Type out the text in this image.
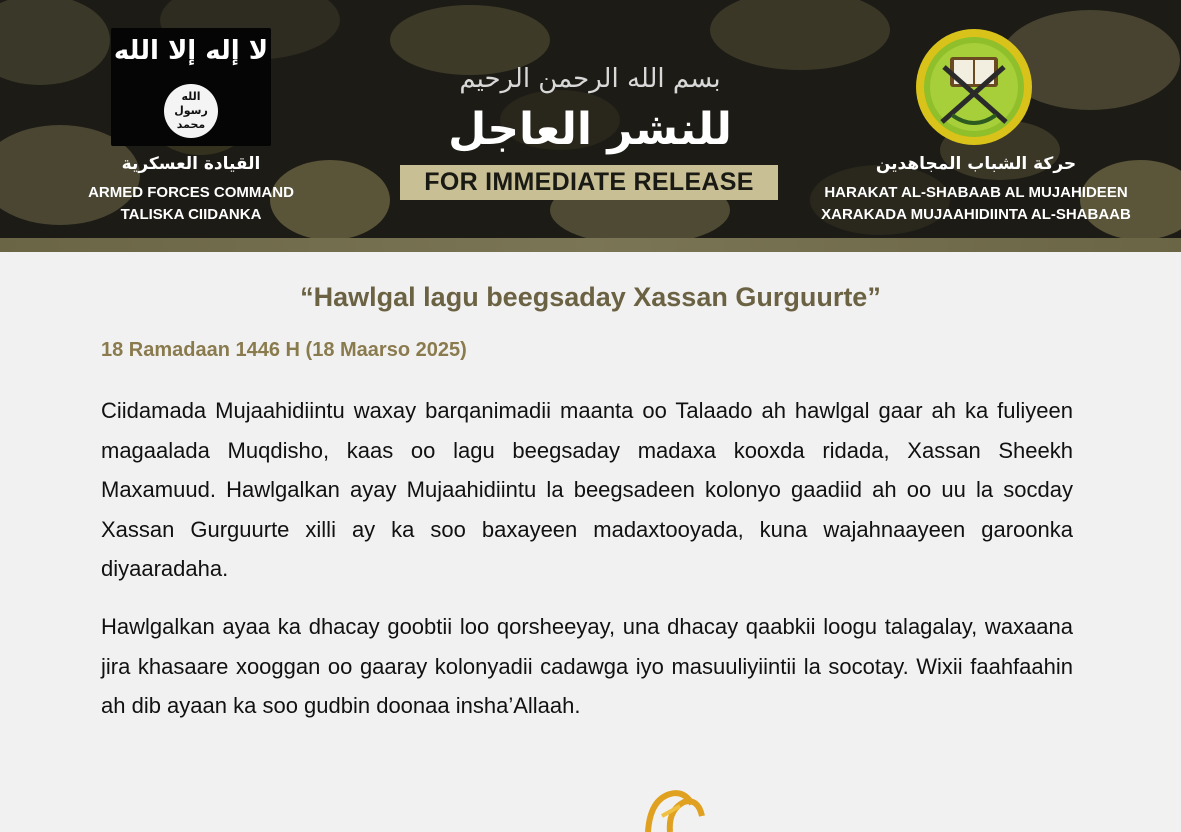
لا إله إلا الله
الله
رسول
محمد
القيادة العسكرية
ARMED FORCES COMMAND
TALISKA CIIDANKA
بسم الله الرحمن الرحيم
للنشر العاجل
FOR IMMEDIATE RELEASE
حركة الشباب المجاهدين
HARAKAT AL-SHABAAB AL MUJAHIDEEN
XARAKADA MUJAAHIDIINTA AL-SHABAAB
“Hawlgal lagu beegsaday Xassan Gurguurte”
18 Ramadaan 1446 H (18 Maarso 2025)
Ciidamada Mujaahidiintu waxay barqanimadii maanta oo Talaado ah hawlgal gaar ah ka fuliyeen magaalada Muqdisho, kaas oo lagu beegsaday madaxa kooxda ridada, Xassan Sheekh Maxamuud. Hawlgalkan ayay Mujaahidiintu la beegsadeen kolonyo gaadiid ah oo uu la socday Xassan Gurguurte xilli ay ka soo baxayeen madaxtooyada, kuna wajahnaayeen garoonka diyaaradaha.
Hawlgalkan ayaa ka dhacay goobtii loo qorsheeyay, una dhacay qaabkii loogu talagalay, waxaana jira khasaare xooggan oo gaaray kolonyadii cadawga iyo masuuliyiintii la socotay. Wixii faahfaahin ah dib ayaan ka soo gudbin doonaa insha’Allaah.
